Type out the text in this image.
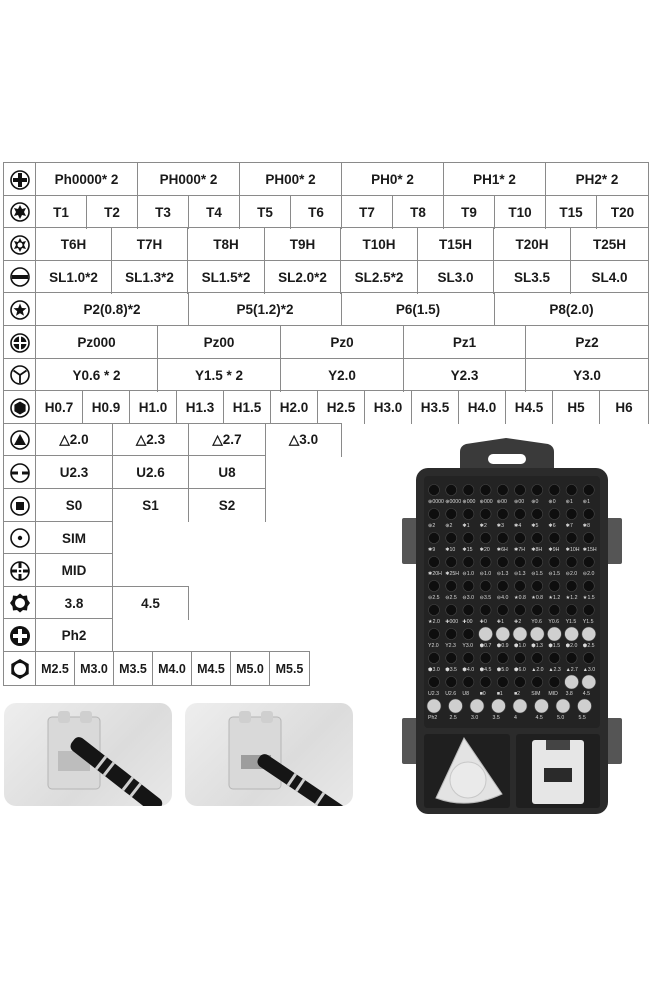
Ph0000* 2	PH000* 2	PH00* 2	PH0* 2	PH1* 2	PH2* 2
T1	T2	T3	T4	T5	T6	T7	T8	T9	T10	T15	T20
T6H	T7H	T8H	T9H	T10H	T15H	T20H	T25H
SL1.0*2	SL1.3*2	SL1.5*2	SL2.0*2	SL2.5*2	SL3.0	SL3.5	SL4.0
P2(0.8)*2	P5(1.2)*2	P6(1.5)	P8(2.0)
Pz000	Pz00	Pz0	Pz1	Pz2
Y0.6 * 2	Y1.5 * 2	Y2.0	Y2.3	Y3.0
H0.7	H0.9	H1.0	H1.3	H1.5	H2.0	H2.5	H3.0	H3.5	H4.0	H4.5	H5	H6
△2.0	△2.3	△2.7	△3.0
U2.3	U2.6	U8
S0	S1	S2
SIM
MID
3.8	4.5
Ph2
M2.5 M3.0 M3.5 M4.0 M4.5 M5.0 M5.5
⊕0000 ⊕0000 ⊕000 ⊕000 ⊕00 ⊕00 ⊕0 ⊕0 ⊕1 ⊕1
⊕2 ⊕2 ✱1 ✱2 ✱3 ✱4 ✱5 ✱6 ✱7 ✱8
✱9 ✱10 ✱15 ✱20 ✱6H ✱7H ✱8H ✱9H ✱10H ✱15H
✱20H ✱25H ⊖1.0 ⊖1.0 ⊖1.3 ⊖1.3 ⊖1.5 ⊖1.5 ⊖2.0 ⊖2.0
⊖2.5 ⊖2.5 ⊖3.0 ⊖3.5 ⊖4.0 ★0.8 ★0.8 ★1.2 ★1.2 ★1.5
★2.0 ✚000 ✚00 ✚0 ✚1 ✚2 Y0.6 Y0.6 Y1.5 Y1.5
Y2.0 Y2.3 Y3.0 ⬢0.7 ⬢0.9 ⬢1.0 ⬢1.3 ⬢1.5 ⬢2.0 ⬢2.5
⬢3.0 ⬢3.5 ⬢4.0 ⬢4.5 ⬢5.0 ⬢6.0 ▲2.0 ▲2.3 ▲2.7 ▲3.0
U2.3 U2.6 U8 ■0 ■1 ■2 SIM MID 3.8 4.5
Ph2 2.5	3.0	3.5	4	4.5	5.0	5.5
